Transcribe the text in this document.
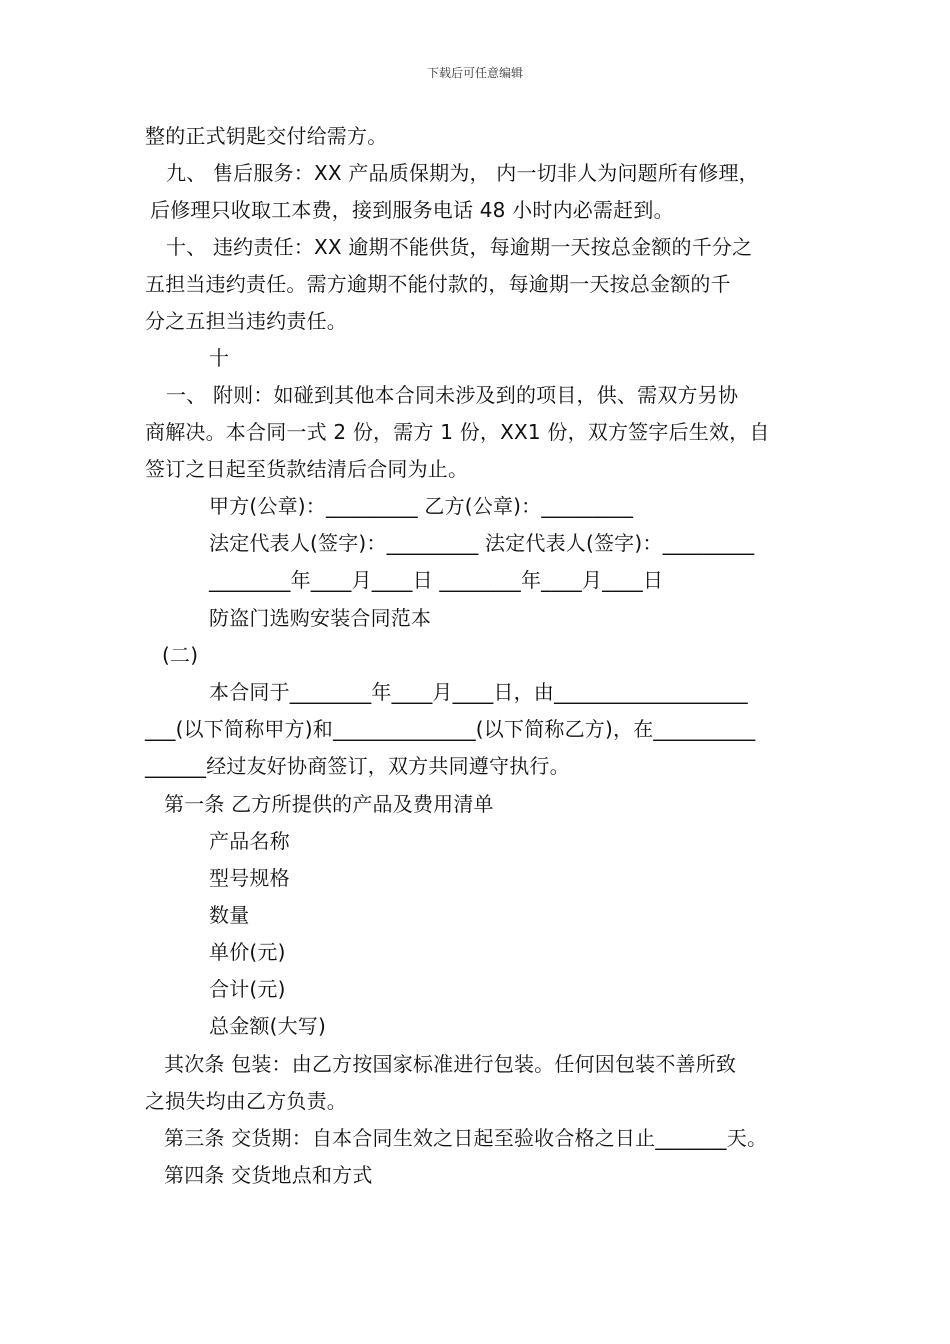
下载后可任意编辑
整的正式钥匙交付给需方。
九、 售后服务：XX 产品质保期为， 内一切非人为问题所有修理，
后修理只收取工本费，接到服务电话 48 小时内必需赶到。
十、 违约责任：XX 逾期不能供货，每逾期一天按总金额的千分之
五担当违约责任。需方逾期不能付款的，每逾期一天按总金额的千
分之五担当违约责任。
十
一、 附则：如碰到其他本合同未涉及到的项目，供、需双方另协
商解决。本合同一式 2 份，需方 1 份，XX1 份，双方签字后生效，自
签订之日起至货款结清后合同为止。
甲方(公章)：_________ 乙方(公章)：_________
法定代表人(签字)：_________ 法定代表人(签字)：_________
________年____月____日 ________年____月____日
防盗门选购安装合同范本
(二)
本合同于________年____月____日，由___________________
___(以下简称甲方)和______________(以下简称乙方)，在__________
______经过友好协商签订，双方共同遵守执行。
第一条 乙方所提供的产品及费用清单
产品名称
型号规格
数量
单价(元)
合计(元)
总金额(大写)
其次条 包装：由乙方按国家标准进行包装。任何因包装不善所致
之损失均由乙方负责。
第三条 交货期：自本合同生效之日起至验收合格之日止_______天。
第四条 交货地点和方式
